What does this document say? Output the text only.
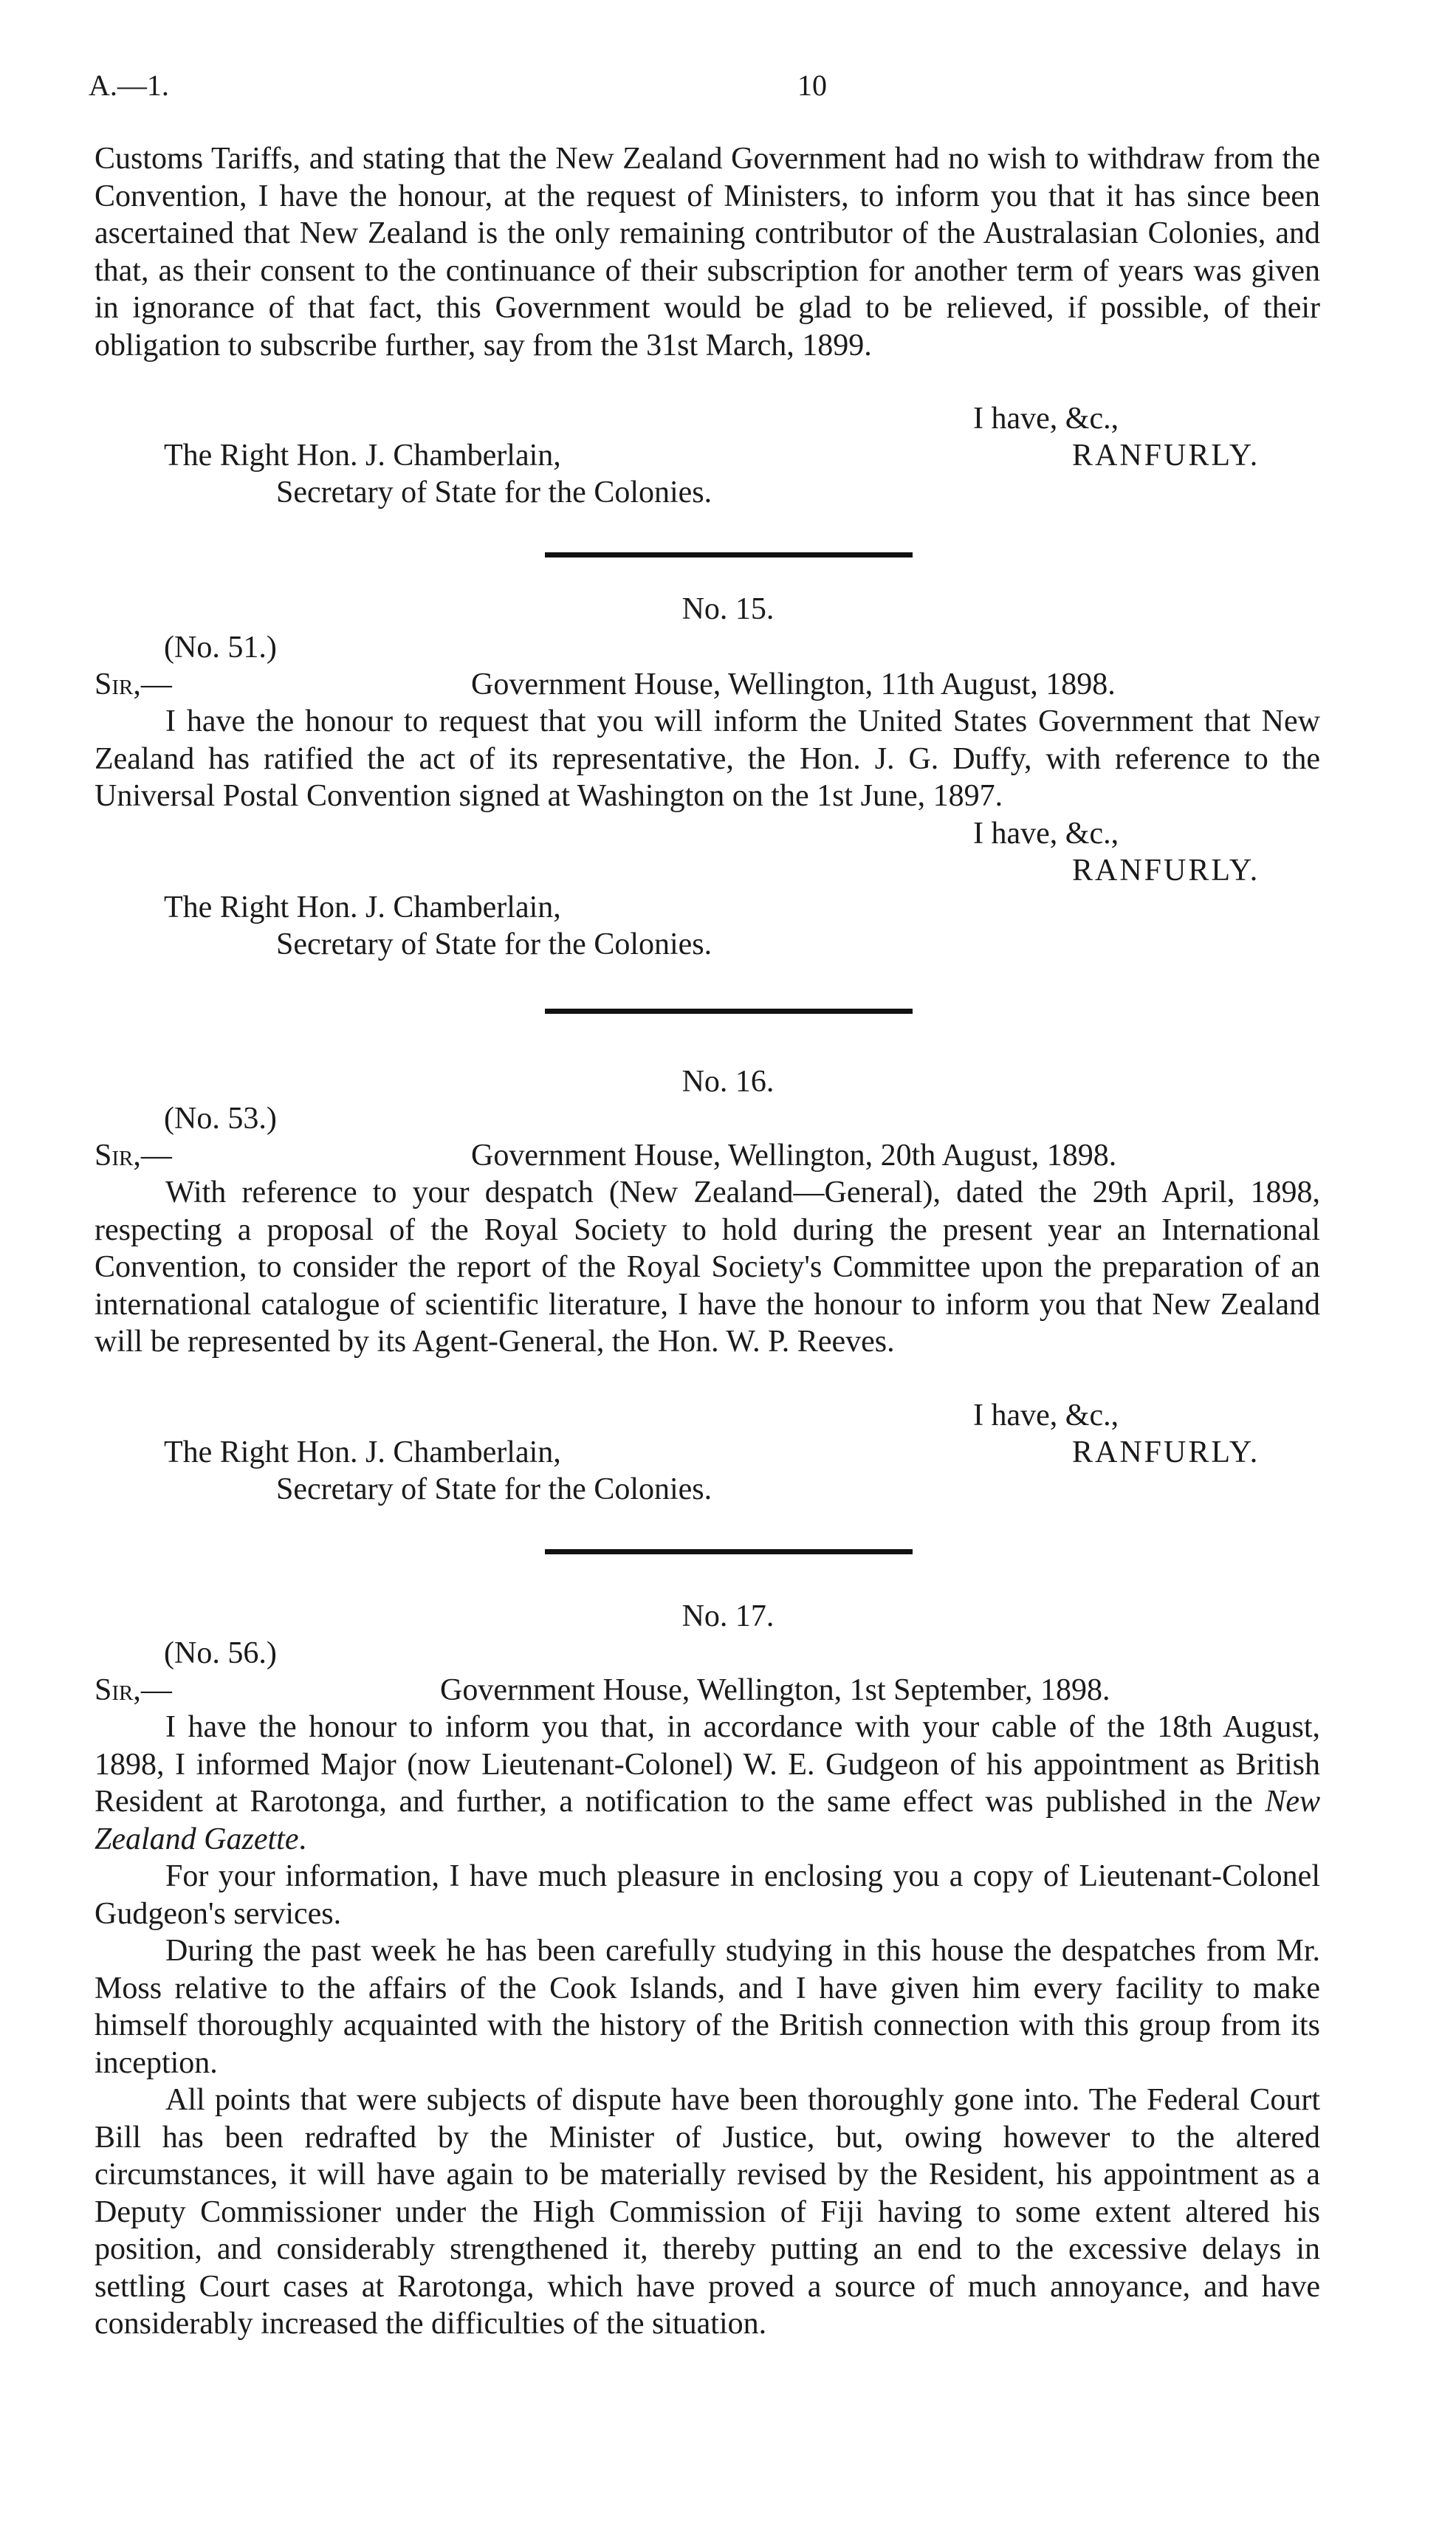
A.—1.	10

Customs Tariffs, and stating that the New Zealand Government had no wish to withdraw from the Convention, I have the honour, at the request of Ministers, to inform you that it has since been ascertained that New Zealand is the only remaining contributor of the Australasian Colonies, and that, as their consent to the continuance of their subscription for another term of years was given in ignorance of that fact, this Government would be glad to be relieved, if possible, of their obligation to subscribe further, say from the 31st March, 1899.

I have, &c.,
The Right Hon. J. Chamberlain,	RANFURLY.
Secretary of State for the Colonies.
No. 15.
(No. 51.)
Sir,—	Government House, Wellington, 11th August, 1898.

I have the honour to request that you will inform the United States Government that New Zealand has ratified the act of its representative, the Hon. J. G. Duffy, with reference to the Universal Postal Convention signed at Washington on the 1st June, 1897.

I have, &c.,
RANFURLY.
The Right Hon. J. Chamberlain,
Secretary of State for the Colonies.
No. 16.
(No. 53.)
Sir,—	Government House, Wellington, 20th August, 1898.

With reference to your despatch (New Zealand—General), dated the 29th April, 1898, respecting a proposal of the Royal Society to hold during the present year an International Convention, to consider the report of the Royal Society's Committee upon the preparation of an international catalogue of scientific literature, I have the honour to inform you that New Zealand will be represented by its Agent-General, the Hon. W. P. Reeves.

I have, &c.,
The Right Hon. J. Chamberlain,	RANFURLY.
Secretary of State for the Colonies.
No. 17.
(No. 56.)
Sir,—	Government House, Wellington, 1st September, 1898.

I have the honour to inform you that, in accordance with your cable of the 18th August, 1898, I informed Major (now Lieutenant-Colonel) W. E. Gudgeon of his appointment as British Resident at Rarotonga, and further, a notification to the same effect was published in the New Zealand Gazette.

For your information, I have much pleasure in enclosing you a copy of Lieutenant-Colonel Gudgeon's services.

During the past week he has been carefully studying in this house the despatches from Mr. Moss relative to the affairs of the Cook Islands, and I have given him every facility to make himself thoroughly acquainted with the history of the British connection with this group from its inception.

All points that were subjects of dispute have been thoroughly gone into. The Federal Court Bill has been redrafted by the Minister of Justice, but, owing however to the altered circumstances, it will have again to be materially revised by the Resident, his appointment as a Deputy Commissioner under the High Commission of Fiji having to some extent altered his position, and considerably strengthened it, thereby putting an end to the excessive delays in settling Court cases at Rarotonga, which have proved a source of much annoyance, and have considerably increased the difficulties of the situation.
